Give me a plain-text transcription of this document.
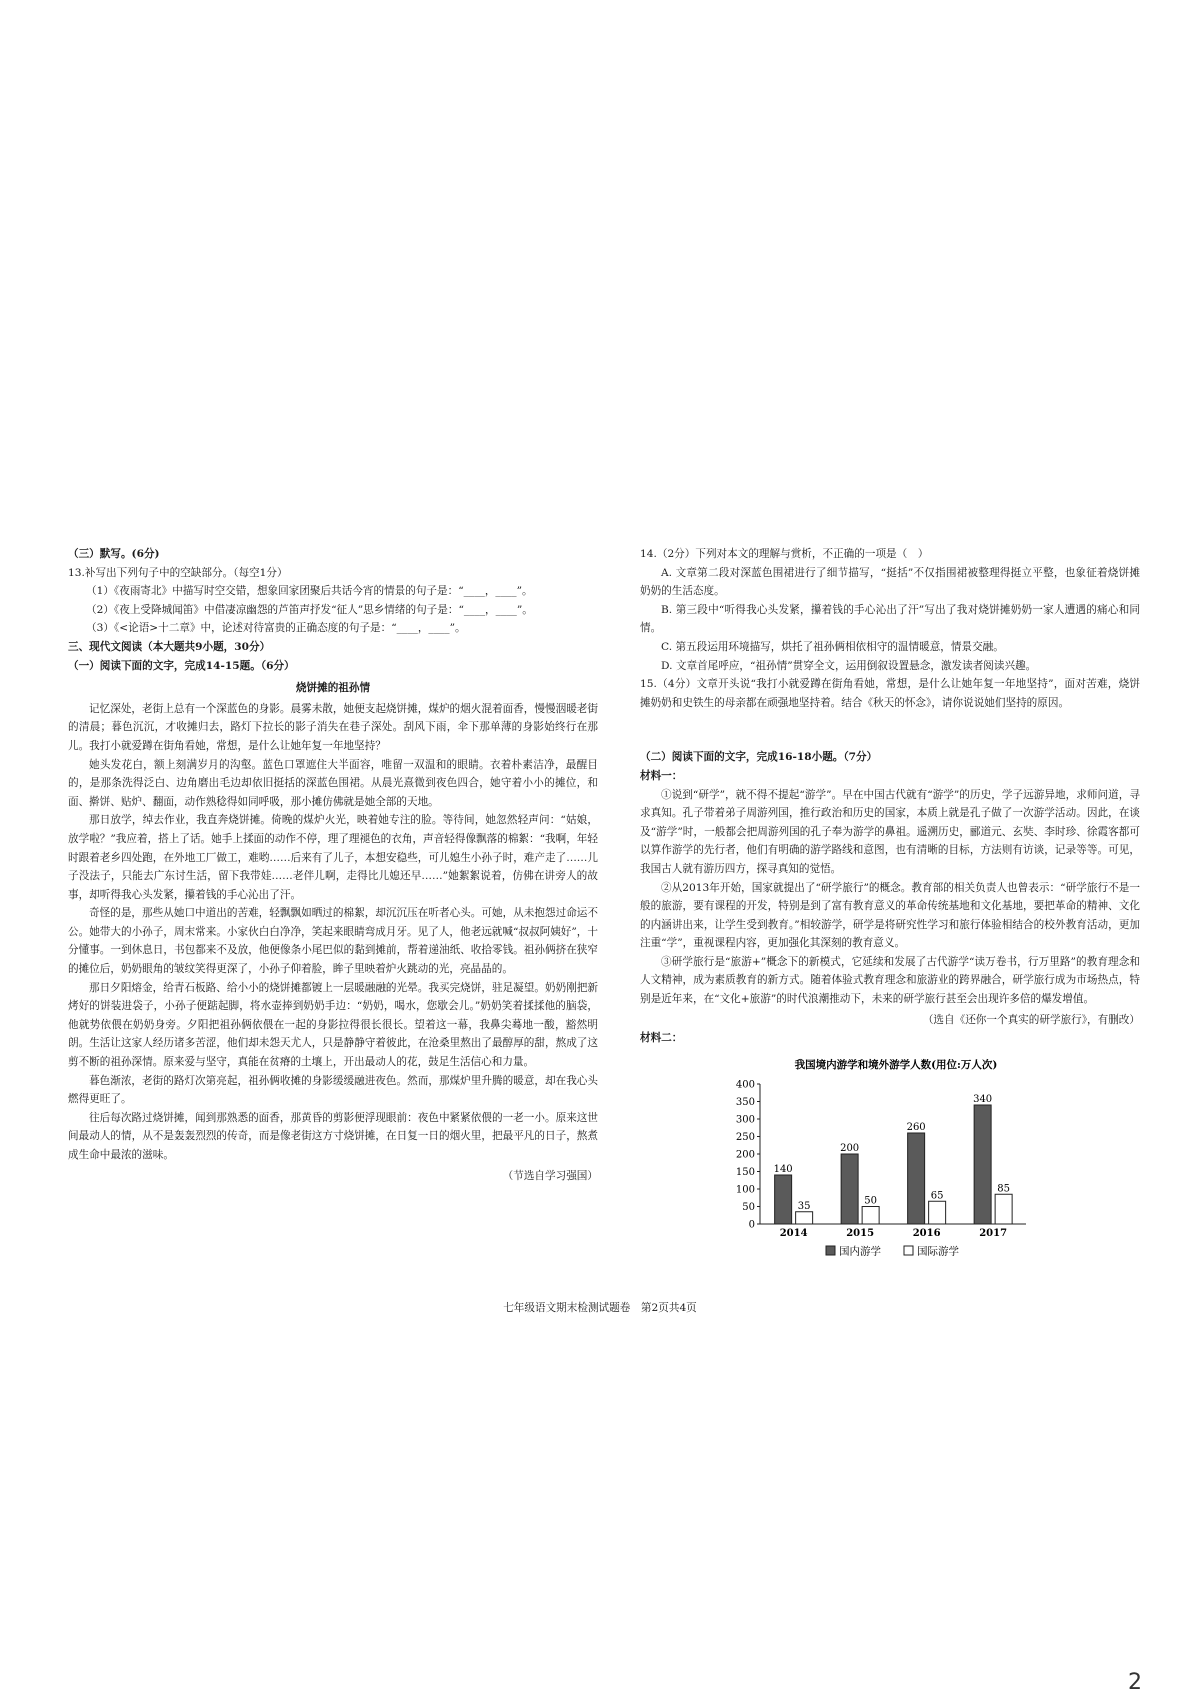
（三）默写。(6分)

13.补写出下列句子中的空缺部分。（每空1分）

（1）《夜雨寄北》中描写时空交错，想象回家团聚后共话今宵的情景的句子是：“____，____”。

（2）《夜上受降城闻笛》中借凄凉幽怨的芦笛声抒发“征人”思乡情绪的句子是：“____，____”。

（3）《<论语>十二章》中，论述对待富贵的正确态度的句子是：“____，____”。

三、现代文阅读（本大题共9小题，30分）

（一）阅读下面的文字，完成14-15题。（6分）

烧饼摊的祖孙情

记忆深处，老街上总有一个深蓝色的身影。晨雾未散，她便支起烧饼摊，煤炉的烟火混着面香，慢慢洇暖老街的清晨；暮色沉沉，才收摊归去，路灯下拉长的影子消失在巷子深处。刮风下雨，伞下那单薄的身影始终行在那儿。我打小就爱蹲在街角看她，常想，是什么让她年复一年地坚持？

她头发花白，额上刻满岁月的沟壑。蓝色口罩遮住大半面容，唯留一双温和的眼睛。衣着朴素洁净，最醒目的，是那条洗得泛白、边角磨出毛边却依旧挺括的深蓝色围裙。从晨光熹微到夜色四合，她守着小小的摊位，和面、擀饼、贴炉、翻面，动作熟稔得如同呼吸，那小摊仿佛就是她全部的天地。

那日放学，绰去作业，我直奔烧饼摊。倚晚的煤炉火光，映着她专注的脸。等待间，她忽然轻声问：“姑娘，放学啦？”我应着，搭上了话。她手上揉面的动作不停，理了理褪色的衣角，声音轻得像飘落的棉絮：“我啊，年轻时跟着老乡四处跑，在外地工厂做工，难哟……后来有了儿子，本想安稳些，可儿媳生小孙子时，难产走了……儿子没法子，只能去广东讨生活，留下我带娃……老伴儿啊，走得比儿媳还早……”她絮絮说着，仿佛在讲旁人的故事，却听得我心头发紧，攥着钱的手心沁出了汗。

奇怪的是，那些从她口中道出的苦难，轻飘飘如晒过的棉絮，却沉沉压在听者心头。可她，从未抱怨过命运不公。她带大的小孙子，周末常来。小家伙白白净净，笑起来眼睛弯成月牙。见了人，他老远就喊“叔叔阿姨好”，十分懂事。一到休息日，书包都来不及放，他便像条小尾巴似的黏到摊前，帮着递油纸、收拾零钱。祖孙俩挤在狭窄的摊位后，奶奶眼角的皱纹笑得更深了，小孙子仰着脸，眸子里映着炉火跳动的光，亮晶晶的。

那日夕阳熔金，给青石板路、给小小的烧饼摊都镀上一层暖融融的光晕。我买完烧饼，驻足凝望。奶奶刚把新烤好的饼装进袋子，小孙子便踮起脚，将水壶捧到奶奶手边：“奶奶，喝水，您歇会儿。”奶奶笑着揉揉他的脑袋，他就势依偎在奶奶身旁。夕阳把祖孙俩依偎在一起的身影拉得很长很长。望着这一幕，我鼻尖蓦地一酸，豁然明朗。生活让这家人经历诸多苦涩，他们却未怨天尤人，只是静静守着彼此，在沧桑里熬出了最醇厚的甜，熬成了这剪不断的祖孙深情。原来爱与坚守，真能在贫瘠的土壤上，开出最动人的花，鼓足生活信心和力量。

暮色渐浓，老街的路灯次第亮起，祖孙俩收摊的身影缓缓融进夜色。然而，那煤炉里升腾的暖意，却在我心头燃得更旺了。

往后每次路过烧饼摊，闻到那熟悉的面香，那黄昏的剪影便浮现眼前：夜色中紧紧依偎的一老一小。原来这世间最动人的情，从不是轰轰烈烈的传奇，而是像老街这方寸烧饼摊，在日复一日的烟火里，把最平凡的日子，熬煮成生命中最浓的滋味。

（节选自学习强国）

14.（2分）下列对本文的理解与赏析，不正确的一项是（　）

A. 文章第二段对深蓝色围裙进行了细节描写，“挺括”不仅指围裙被整理得挺立平整，也象征着烧饼摊奶奶的生活态度。

B. 第三段中“听得我心头发紧，攥着钱的手心沁出了汗”写出了我对烧饼摊奶奶一家人遭遇的痛心和同情。

C. 第五段运用环境描写，烘托了祖孙俩相依相守的温情暖意，情景交融。

D. 文章首尾呼应，“祖孙情”贯穿全文，运用倒叙设置悬念，激发读者阅读兴趣。

15.（4分）文章开头说“我打小就爱蹲在街角看她，常想，是什么让她年复一年地坚持”，面对苦难，烧饼摊奶奶和史铁生的母亲都在顽强地坚持着。结合《秋天的怀念》，请你说说她们坚持的原因。

（二）阅读下面的文字，完成16-18小题。（7分）

材料一：

①说到“研学”，就不得不提起“游学”。早在中国古代就有“游学”的历史，学子远游异地，求师问道，寻求真知。孔子带着弟子周游列国，推行政治和历史的国家，本质上就是孔子做了一次游学活动。因此，在谈及“游学”时，一般都会把周游列国的孔子奉为游学的鼻祖。遥溯历史，郦道元、玄奘、李时珍、徐霞客都可以算作游学的先行者，他们有明确的游学路线和意图，也有清晰的目标，方法则有访谈，记录等等。可见，我国古人就有游历四方，探寻真知的觉悟。

②从2013年开始，国家就提出了“研学旅行”的概念。教育部的相关负责人也曾表示：“研学旅行不是一般的旅游，要有课程的开发，特别是到了富有教育意义的革命传统基地和文化基地，要把革命的精神、文化的内涵讲出来，让学生受到教育。”相较游学，研学是将研究性学习和旅行体验相结合的校外教育活动，更加注重“学”，重视课程内容，更加强化其深刻的教育意义。

③研学旅行是“旅游+”概念下的新模式，它延续和发展了古代游学“读万卷书，行万里路”的教育理念和人文精神，成为素质教育的新方式。随着体验式教育理念和旅游业的跨界融合，研学旅行成为市场热点，特别是近年来，在“文化+旅游”的时代浪潮推动下，未来的研学旅行甚至会出现许多倍的爆发增值。

（选自《还你一个真实的研学旅行》，有删改）

材料二：

我国境内游学和境外游学人数(用位:万人次)
0
50
100
150
200
250
300
350
400
140
35
2014
200
50
2015
260
65
2016
340
85
2017
国内游学	国际游学
七年级语文期末检测试题卷　第2页共4页
2
